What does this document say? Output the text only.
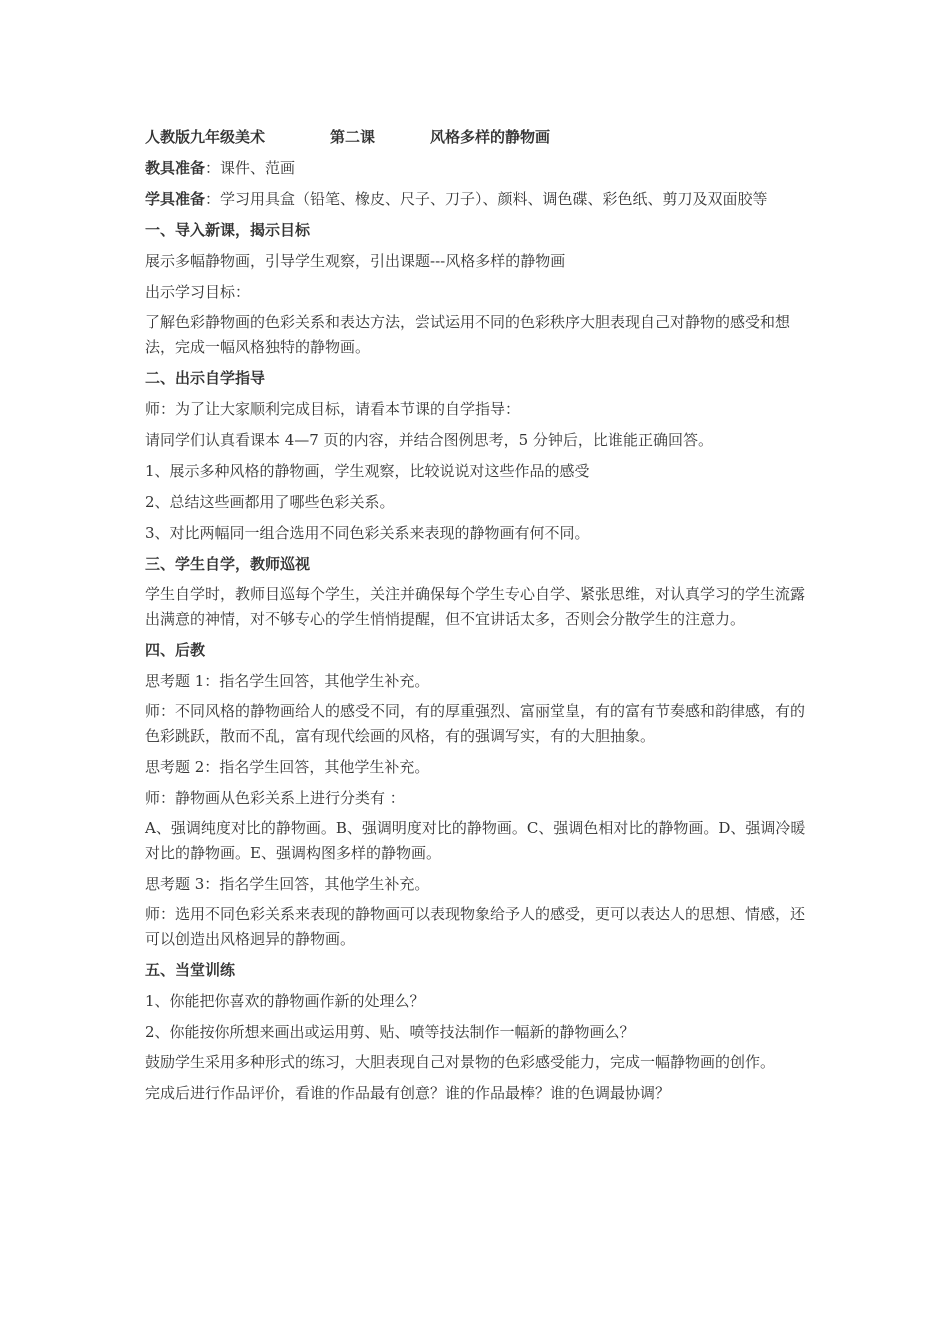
人教版九年级美术	第二课	风格多样的静物画
教具准备：课件、范画
学具准备：学习用具盒（铅笔、橡皮、尺子、刀子）、颜料、调色碟、彩色纸、剪刀及双面胶等
一、导入新课，揭示目标
展示多幅静物画，引导学生观察，引出课题---风格多样的静物画
出示学习目标：
了解色彩静物画的色彩关系和表达方法，尝试运用不同的色彩秩序大胆表现自己对静物的感受和想法，完成一幅风格独特的静物画。
二、出示自学指导
师：为了让大家顺利完成目标，请看本节课的自学指导：
请同学们认真看课本 4—7 页的内容，并结合图例思考，5 分钟后，比谁能正确回答。
1、展示多种风格的静物画，学生观察，比较说说对这些作品的感受
2、总结这些画都用了哪些色彩关系。
3、对比两幅同一组合选用不同色彩关系来表现的静物画有何不同。
三、学生自学，教师巡视
学生自学时，教师目巡每个学生，关注并确保每个学生专心自学、紧张思维，对认真学习的学生流露出满意的神情，对不够专心的学生悄悄提醒，但不宜讲话太多，否则会分散学生的注意力。
四、后教
思考题 1：指名学生回答，其他学生补充。
师：不同风格的静物画给人的感受不同，有的厚重强烈、富丽堂皇，有的富有节奏感和韵律感，有的色彩跳跃，散而不乱，富有现代绘画的风格，有的强调写实，有的大胆抽象。
思考题 2：指名学生回答，其他学生补充。
师：静物画从色彩关系上进行分类有 ：
A、强调纯度对比的静物画。B、强调明度对比的静物画。C、强调色相对比的静物画。D、强调冷暖对比的静物画。E、强调构图多样的静物画。
思考题 3：指名学生回答，其他学生补充。
师：选用不同色彩关系来表现的静物画可以表现物象给予人的感受，更可以表达人的思想、情感，还可以创造出风格迥异的静物画。
五、当堂训练
1、你能把你喜欢的静物画作新的处理么？
2、你能按你所想来画出或运用剪、贴、喷等技法制作一幅新的静物画么？
鼓励学生采用多种形式的练习，大胆表现自己对景物的色彩感受能力，完成一幅静物画的创作。
完成后进行作品评价，看谁的作品最有创意？谁的作品最棒？谁的色调最协调？
